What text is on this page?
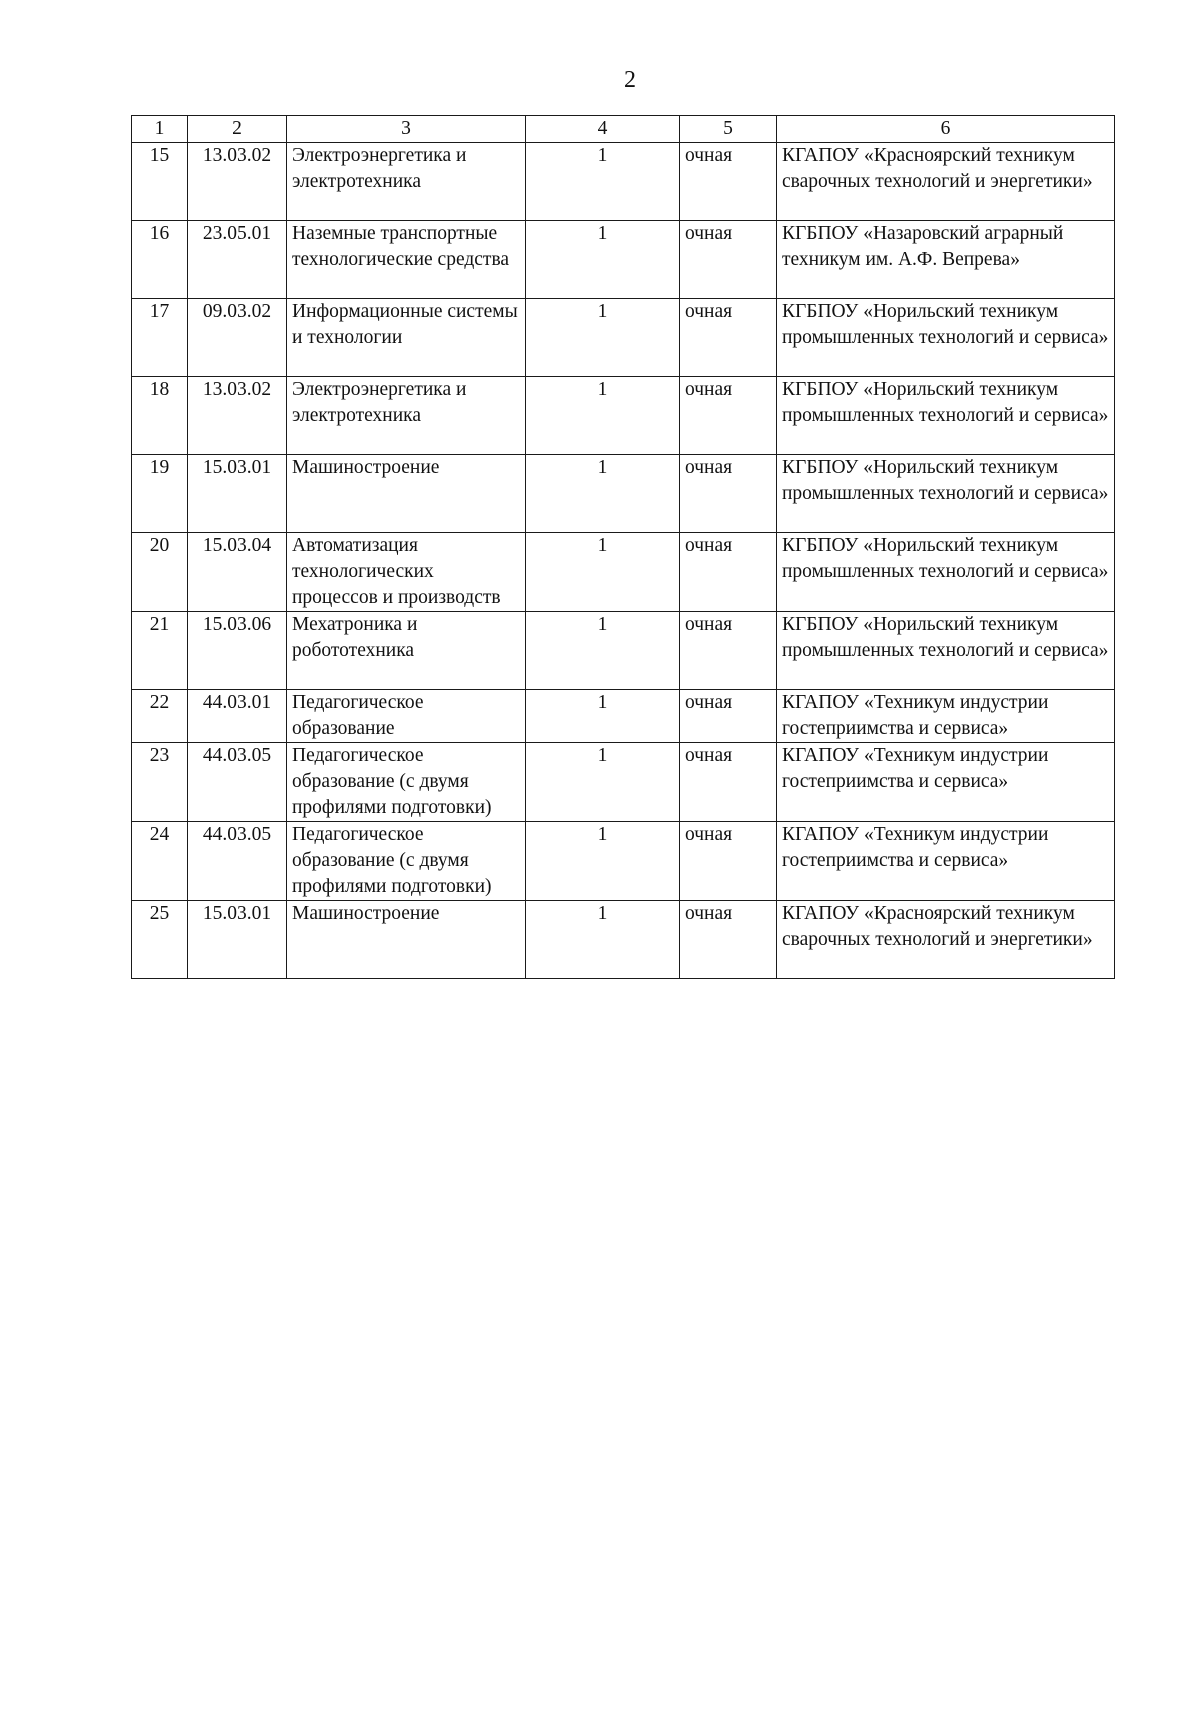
2
1	2	3	4	5	6
15	13.03.02	Электроэнергетика и электротехника	1	очная	КГАПОУ «Красноярский техникум сварочных технологий и энергетики»
16	23.05.01	Наземные транспортные технологические средства	1	очная	КГБПОУ «Назаровский аграрный техникум им. А.Ф. Вепрева»
17	09.03.02	Информационные системы и технологии	1	очная	КГБПОУ «Норильский техникум промышленных технологий и сервиса»
18	13.03.02	Электроэнергетика и электротехника	1	очная	КГБПОУ «Норильский техникум промышленных технологий и сервиса»
19	15.03.01	Машиностроение	1	очная	КГБПОУ «Норильский техникум промышленных технологий и сервиса»
20	15.03.04	Автоматизация технологических процессов и производств	1	очная	КГБПОУ «Норильский техникум промышленных технологий и сервиса»
21	15.03.06	Мехатроника и робототехника	1	очная	КГБПОУ «Норильский техникум промышленных технологий и сервиса»
22	44.03.01	Педагогическое образование	1	очная	КГАПОУ «Техникум индустрии гостеприимства и сервиса»
23	44.03.05	Педагогическое образование (с двумя профилями подготовки)	1	очная	КГАПОУ «Техникум индустрии гостеприимства и сервиса»
24	44.03.05	Педагогическое образование (с двумя профилями подготовки)	1	очная	КГАПОУ «Техникум индустрии гостеприимства и сервиса»
25	15.03.01	Машиностроение	1	очная	КГАПОУ «Красноярский техникум сварочных технологий и энергетики»
